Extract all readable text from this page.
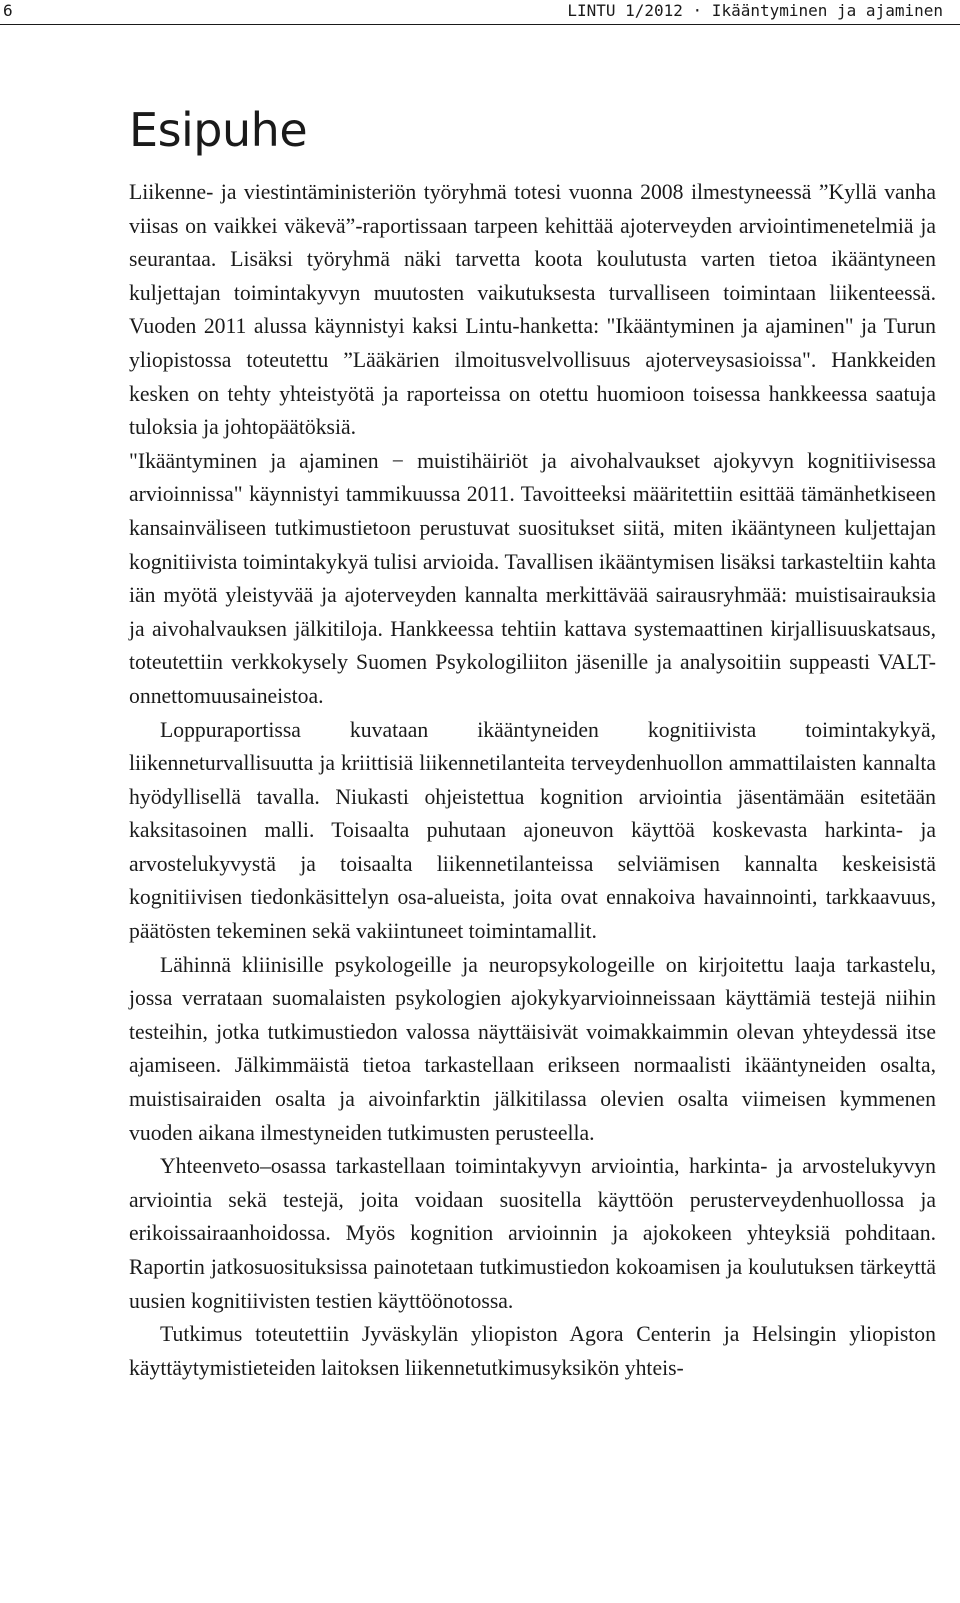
6	LINTU 1/2012 · Ikääntyminen ja ajaminen
Esipuhe

Liikenne- ja viestintäministeriön työryhmä totesi vuonna 2008 ilmestyneessä ”Kyllä vanha viisas on vaikkei väkevä”-raportissaan tarpeen kehittää ajoterveyden arviointimenetelmiä ja seurantaa. Lisäksi työryhmä näki tarvetta koota koulutusta varten tietoa ikääntyneen kuljettajan toimintakyvyn muutosten vaikutuksesta turvalliseen toimintaan liikenteessä. Vuoden 2011 alussa käynnistyi kaksi Lintu-hanketta: "Ikääntyminen ja ajaminen" ja Turun yliopistossa toteutettu ”Lääkärien ilmoitusvelvollisuus ajoterveysasioissa". Hankkeiden kesken on tehty yhteistyötä ja raporteissa on otettu huomioon toisessa hankkeessa saatuja tuloksia ja johtopäätöksiä.

"Ikääntyminen ja ajaminen − muistihäiriöt ja aivohalvaukset ajokyvyn kognitiivisessa arvioinnissa" käynnistyi tammikuussa 2011. Tavoitteeksi määritettiin esittää tämänhetkiseen kansainväliseen tutkimustietoon perustuvat suositukset siitä, miten ikääntyneen kuljettajan kognitiivista toimintakykyä tulisi arvioida. Tavallisen ikääntymisen lisäksi tarkasteltiin kahta iän myötä yleistyvää ja ajoterveyden kannalta merkittävää sairausryhmää: muistisairauksia ja aivohalvauksen jälkitiloja. Hankkeessa tehtiin kattava systemaattinen kirjallisuuskatsaus, toteutettiin verkkokysely Suomen Psykologiliiton jäsenille ja analysoitiin suppeasti VALT-onnettomuusaineistoa.

Loppuraportissa kuvataan ikääntyneiden kognitiivista toimintakykyä, liikenneturvallisuutta ja kriittisiä liikennetilanteita terveydenhuollon ammattilaisten kannalta hyödyllisellä tavalla. Niukasti ohjeistettua kognition arviointia jäsentämään esitetään kaksitasoinen malli. Toisaalta puhutaan ajoneuvon käyttöä koskevasta harkinta- ja arvostelukyvystä ja toisaalta liikennetilanteissa selviämisen kannalta keskeisistä kognitiivisen tiedonkäsittelyn osa-alueista, joita ovat ennakoiva havainnointi, tarkkaavuus, päätösten tekeminen sekä vakiintuneet toimintamallit.

Lähinnä kliinisille psykologeille ja neuropsykologeille on kirjoitettu laaja tarkastelu, jossa verrataan suomalaisten psykologien ajokykyarvioinneissaan käyttämiä testejä niihin testeihin, jotka tutkimustiedon valossa näyttäisivät voimakkaimmin olevan yhteydessä itse ajamiseen. Jälkimmäistä tietoa tarkastellaan erikseen normaalisti ikääntyneiden osalta, muistisairaiden osalta ja aivoinfarktin jälkitilassa olevien osalta viimeisen kymmenen vuoden aikana ilmestyneiden tutkimusten perusteella.

Yhteenveto–osassa tarkastellaan toimintakyvyn arviointia, harkinta- ja arvostelukyvyn arviointia sekä testejä, joita voidaan suositella käyttöön perusterveydenhuollossa ja erikoissairaanhoidossa. Myös kognition arvioinnin ja ajokokeen yhteyksiä pohditaan. Raportin jatkosuosituksissa painotetaan tutkimustiedon kokoamisen ja koulutuksen tärkeyttä uusien kognitiivisten testien käyttöönotossa.

Tutkimus toteutettiin Jyväskylän yliopiston Agora Centerin ja Helsingin yliopiston käyttäytymistieteiden laitoksen liikennetutkimusyksikön yhteis-
